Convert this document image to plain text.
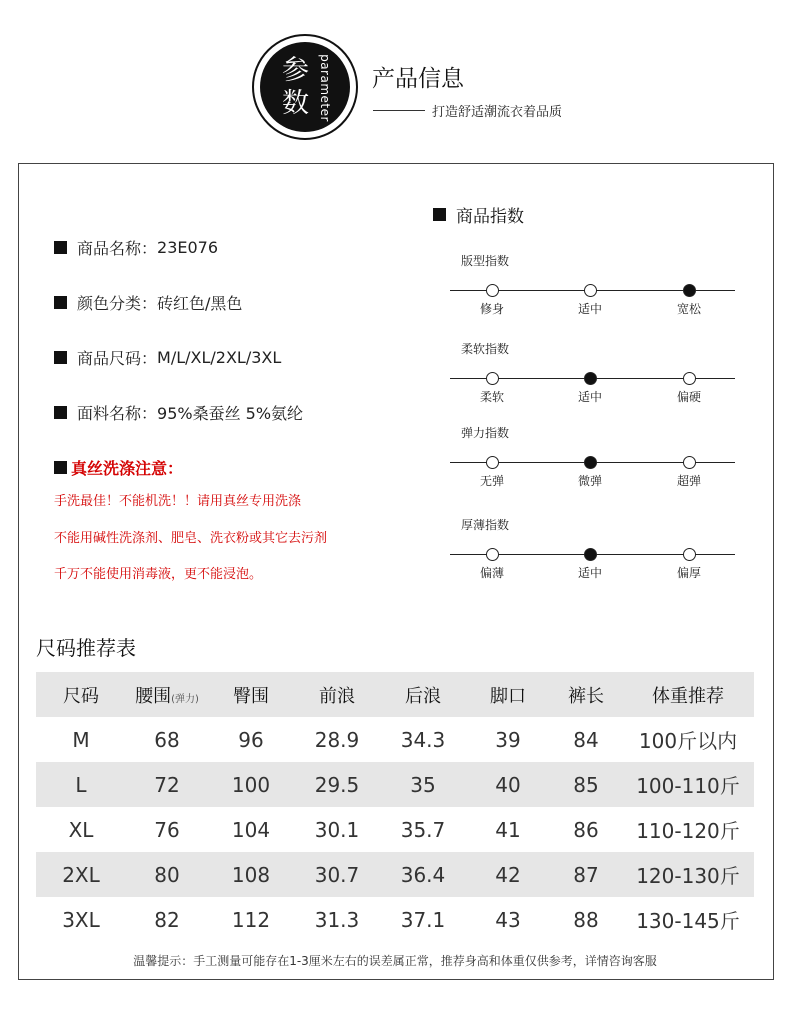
参
数 parameter 产品信息
打造舒适潮流衣着品质
商品名称： 23E076
颜色分类： 砖红色/黑色
商品尺码： M/L/XL/2XL/3XL
面料名称： 95%桑蚕丝 5%氨纶
真丝洗涤注意：
手洗最佳！不能机洗！！请用真丝专用洗涤
不能用碱性洗涤剂、肥皂、洗衣粉或其它去污剂
千万不能使用消毒液，更不能浸泡。
商品指数
版型指数
修身	适中	宽松
柔软指数
柔软	适中	偏硬
弹力指数
无弹	微弹	超弹
厚薄指数
偏薄	适中	偏厚
尺码推荐表
尺码	腰围(弹力)	臀围	前浪	后浪	脚口	裤长	体重推荐
M	68	96	28.9	34.3	39	84	100斤以内
L	72	100	29.5	35	40	85	100-110斤
XL	76	104	30.1	35.7	41	86	110-120斤
2XL	80	108	30.7	36.4	42	87	120-130斤
3XL	82	112	31.3	37.1	43	88	130-145斤
温馨提示：手工测量可能存在1-3厘米左右的误差属正常，推荐身高和体重仅供参考，详情咨询客服
